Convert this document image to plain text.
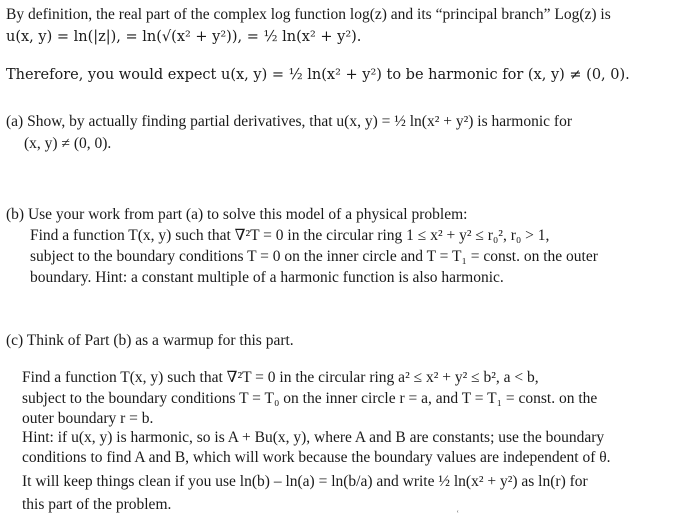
By definition, the real part of the complex log function log(z) and its “principal branch” Log(z) is
u(x, y) = ln(|z|), = ln(√(x² + y²)), = ½ ln(x² + y²).
Therefore, you would expect u(x, y) = ½ ln(x² + y²) to be harmonic for (x, y) ≠ (0, 0).
(a) Show, by actually finding partial derivatives, that u(x, y) = ½ ln(x² + y²) is harmonic for
(x, y) ≠ (0, 0).
(b) Use your work from part (a) to solve this model of a physical problem:
Find a function T(x, y) such that ∇²T = 0 in the circular ring 1 ≤ x² + y² ≤ r₀², r₀ > 1,
subject to the boundary conditions T = 0 on the inner circle and T = T₁ = const. on the outer
boundary. Hint: a constant multiple of a harmonic function is also harmonic.
(c) Think of Part (b) as a warmup for this part.
Find a function T(x, y) such that ∇²T = 0 in the circular ring a² ≤ x² + y² ≤ b², a < b,
subject to the boundary conditions T = T₀ on the inner circle r = a, and T = T₁ = const. on the
outer boundary r = b.
Hint: if u(x, y) is harmonic, so is A + Bu(x, y), where A and B are constants; use the boundary
conditions to find A and B, which will work because the boundary values are independent of θ.
It will keep things clean if you use ln(b) – ln(a) = ln(b/a) and write ½ ln(x² + y²) as ln(r) for
this part of the problem.
ʿ
